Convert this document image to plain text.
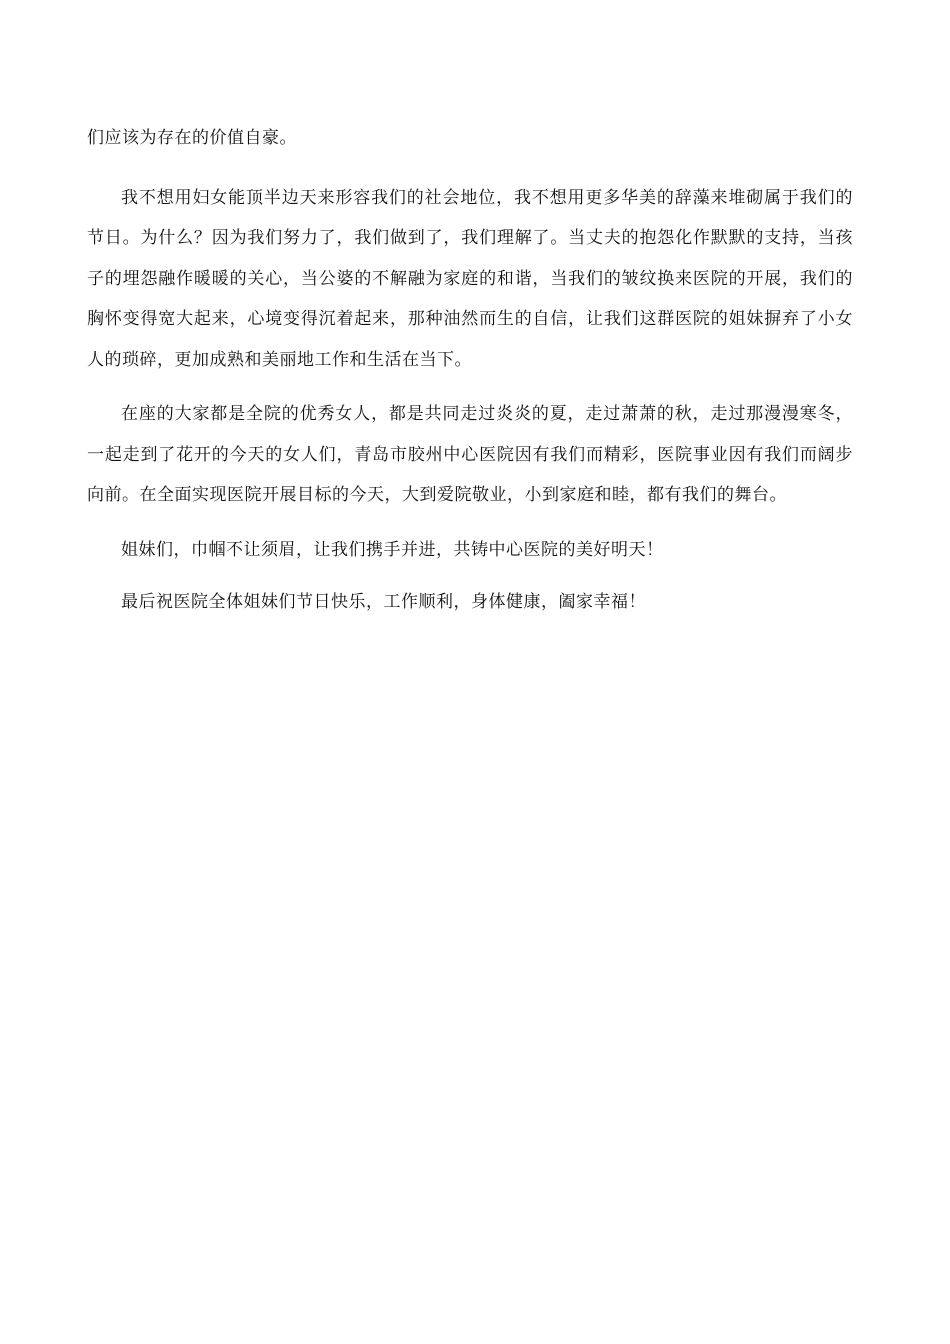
们应该为存在的价值自豪。

我不想用妇女能顶半边天来形容我们的社会地位，我不想用更多华美的辞藻来堆砌属于我们的节日。为什么？因为我们努力了，我们做到了，我们理解了。当丈夫的抱怨化作默默的支持，当孩子的埋怨融作暖暖的关心，当公婆的不解融为家庭的和谐，当我们的皱纹换来医院的开展，我们的胸怀变得宽大起来，心境变得沉着起来，那种油然而生的自信，让我们这群医院的姐妹摒弃了小女人的琐碎，更加成熟和美丽地工作和生活在当下。

在座的大家都是全院的优秀女人，都是共同走过炎炎的夏，走过萧萧的秋，走过那漫漫寒冬，一起走到了花开的今天的女人们，青岛市胶州中心医院因有我们而精彩，医院事业因有我们而阔步向前。在全面实现医院开展目标的今天，大到爱院敬业，小到家庭和睦，都有我们的舞台。

姐妹们，巾帼不让须眉，让我们携手并进，共铸中心医院的美好明天！

最后祝医院全体姐妹们节日快乐，工作顺利，身体健康，阖家幸福！
